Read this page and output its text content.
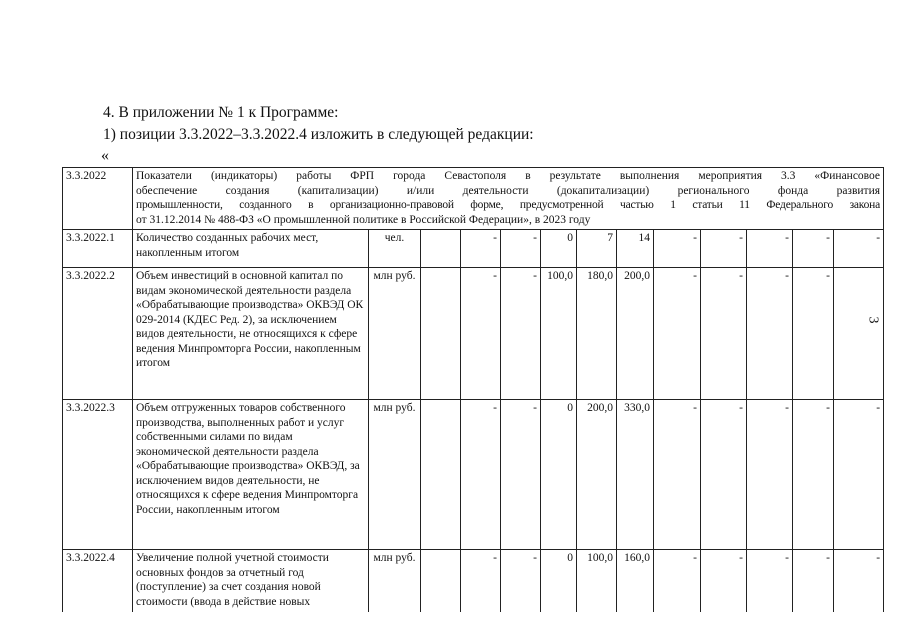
4. В приложении № 1 к Программе:
1) позиции 3.3.2022–3.3.2022.4 изложить в следующей редакции:
«
3
3.3.2022	Показатели (индикаторы) работы ФРП города Севастополя в результате выполнения мероприятия 3.3 «Финансовое
обеспечение создания (капитализации) и/или деятельности (докапитализации) регионального фонда развития
промышленности, созданного в организационно-правовой форме, предусмотренной частью 1 статьи 11 Федерального закона
от 31.12.2014 № 488-ФЗ «О промышленной политике в Российской Федерации», в 2023 году												

3.3.2022.1	Количество созданных рабочих мест, накопленным итогом	чел.		-	-	0	7	14	-	-	-	-	-
3.3.2022.2	Объем инвестиций в основной капитал по видам экономической деятельности раздела «Обрабатывающие производства» ОКВЭД ОК 029-2014 (КДЕС Ред. 2), за исключением видов деятельности, не относящихся к сфере ведения Минпромторга России, накопленным итогом	млн руб.		-	-	100,0	180,0	200,0	-	-	-	-	
3.3.2022.3	Объем отгруженных товаров собственного производства, выполненных работ и услуг собственными силами по видам экономической деятельности раздела «Обрабатывающие производства» ОКВЭД, за исключением видов деятельности, не относящихся к сфере ведения Минпромторга России, накопленным итогом	млн руб.		-	-	0	200,0	330,0	-	-	-	-	-
3.3.2022.4	Увеличение полной учетной стоимости основных фондов за отчетный год (поступление) за счет создания новой стоимости (ввода в действие новых	млн руб.		-	-	0	100,0	160,0	-	-	-	-	-
